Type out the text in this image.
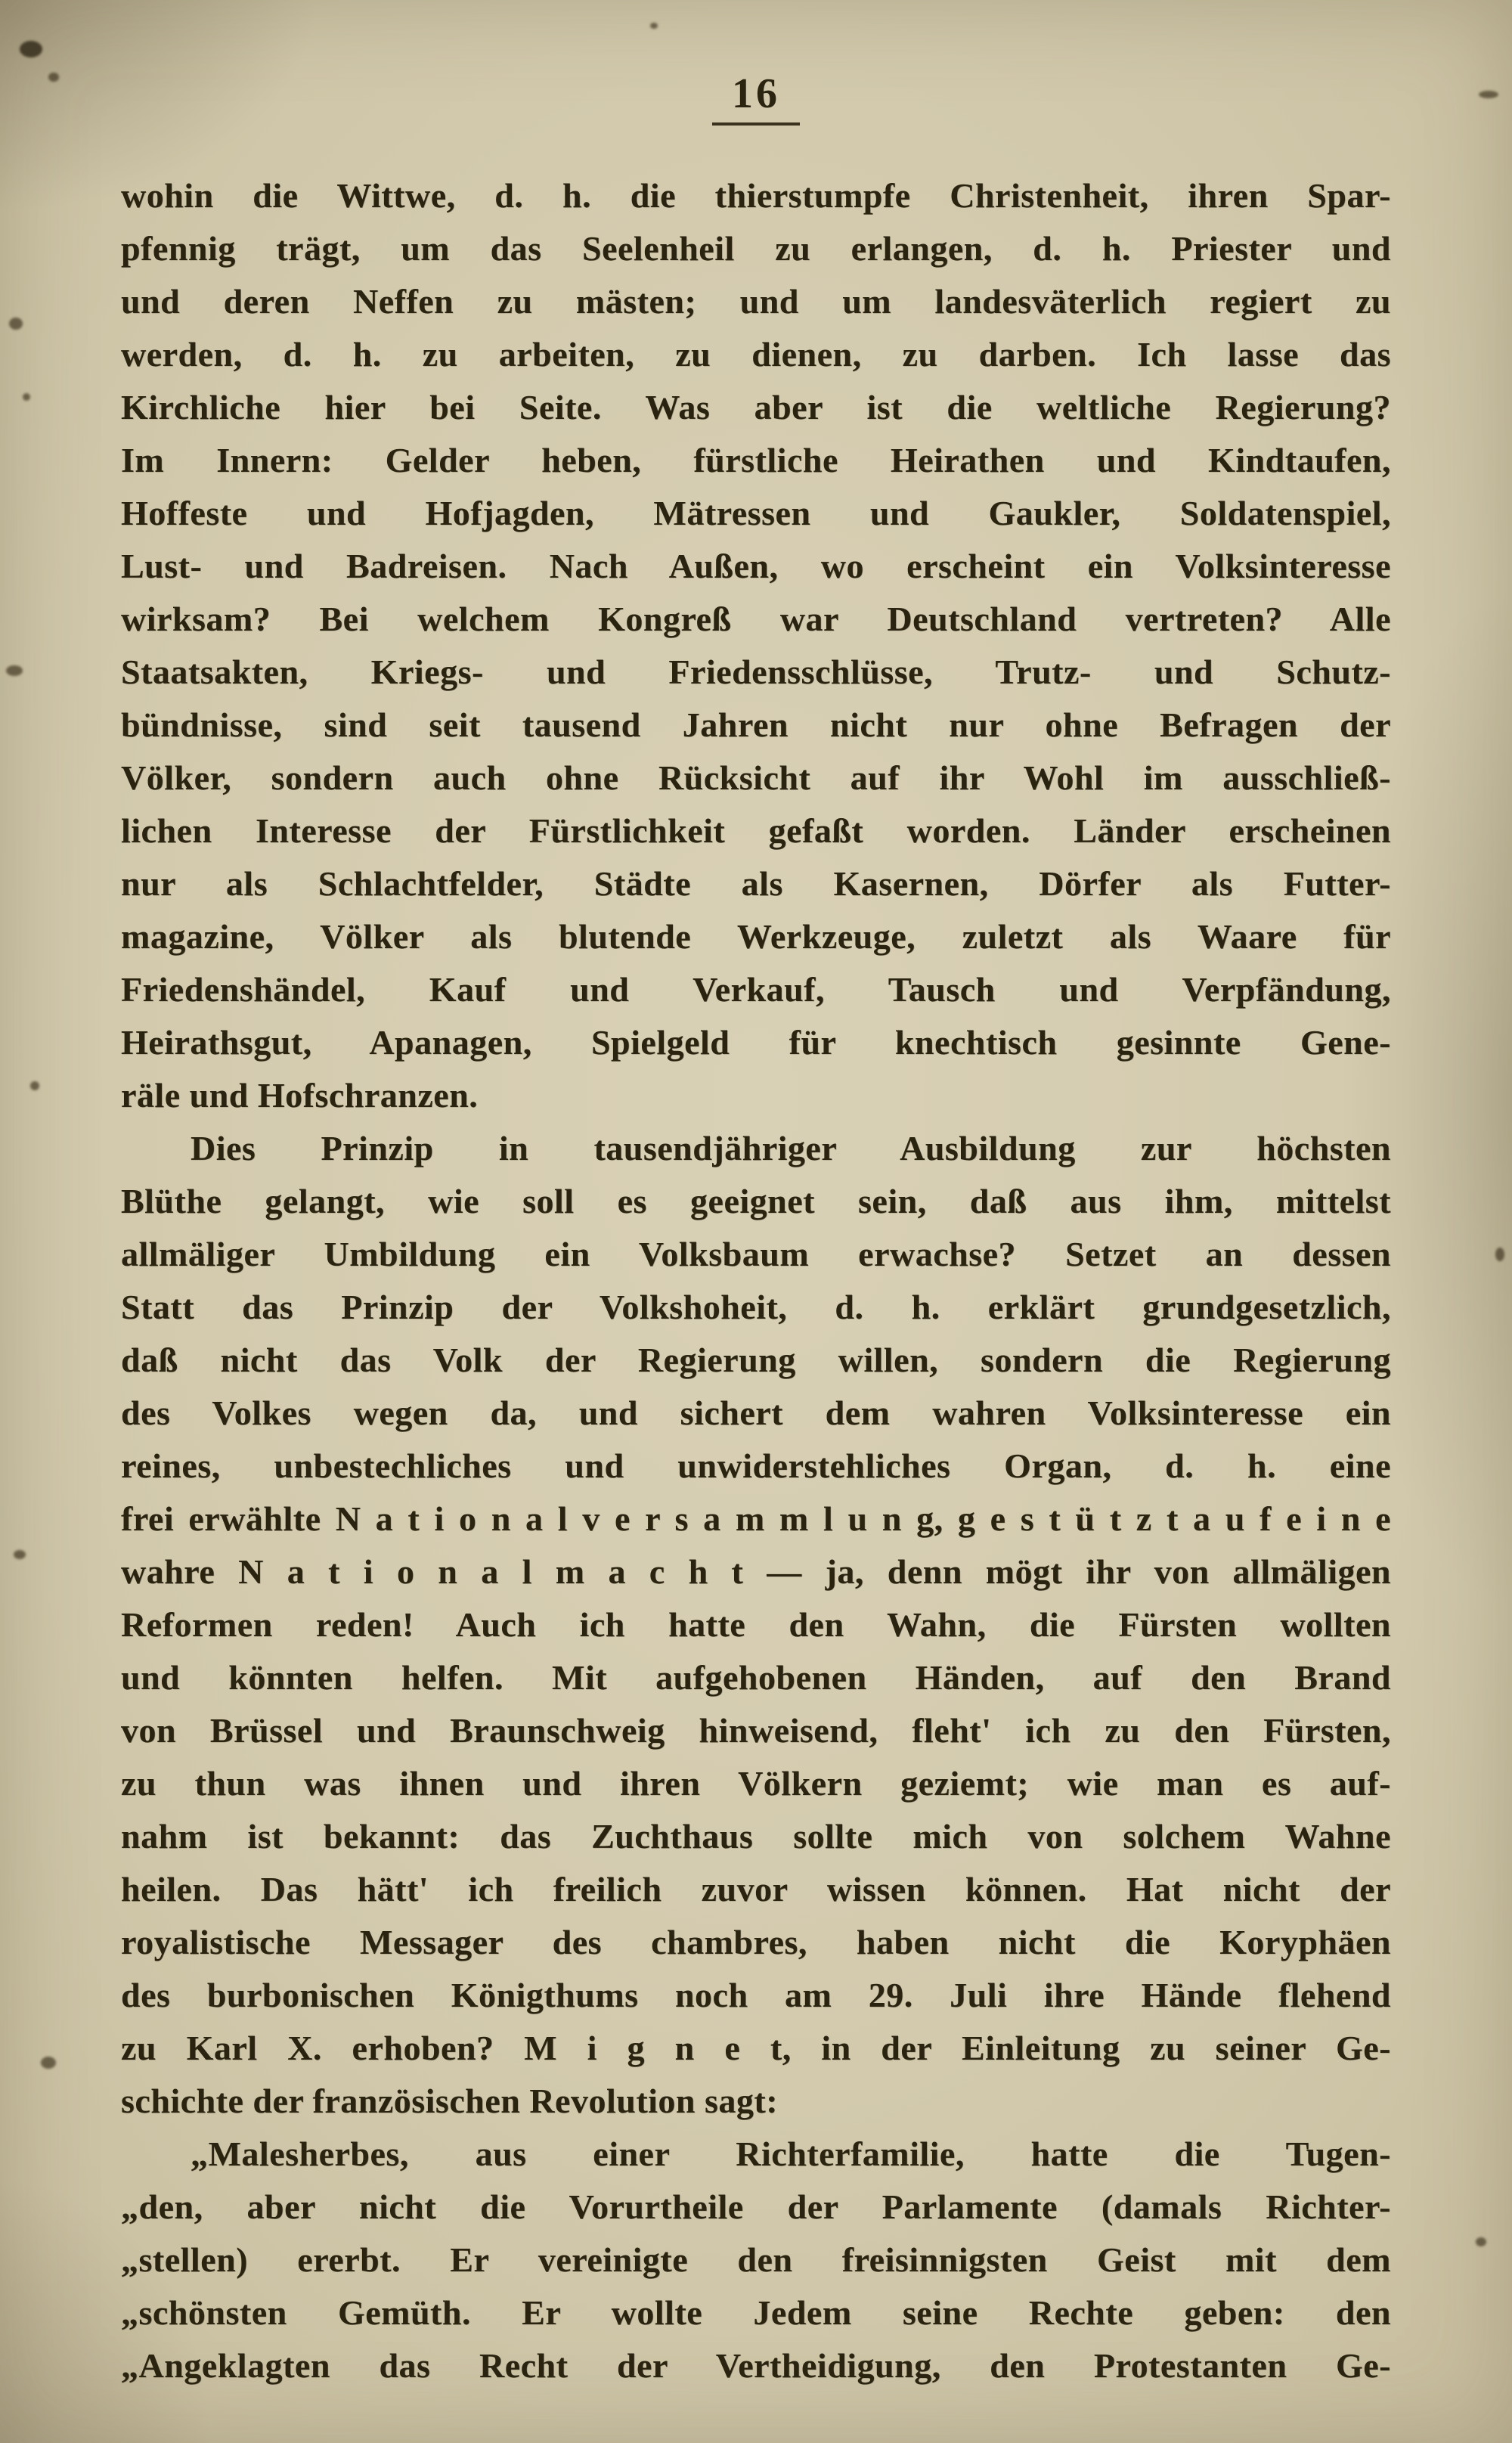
16
wohin die Wittwe, d. h. die thierstumpfe Christenheit, ihren Spar-
pfennig trägt, um das Seelenheil zu erlangen, d. h. Priester und
und deren Neffen zu mästen; und um landesväterlich regiert zu
werden, d. h. zu arbeiten, zu dienen, zu darben. Ich lasse das
Kirchliche hier bei Seite. Was aber ist die weltliche Regierung?
Im Innern: Gelder heben, fürstliche Heirathen und Kindtaufen,
Hoffeste und Hofjagden, Mätressen und Gaukler, Soldatenspiel,
Lust- und Badreisen. Nach Außen, wo erscheint ein Volksinteresse
wirksam? Bei welchem Kongreß war Deutschland vertreten? Alle
Staatsakten, Kriegs- und Friedensschlüsse, Trutz- und Schutz-
bündnisse, sind seit tausend Jahren nicht nur ohne Befragen der
Völker, sondern auch ohne Rücksicht auf ihr Wohl im ausschließ-
lichen Interesse der Fürstlichkeit gefaßt worden. Länder erscheinen
nur als Schlachtfelder, Städte als Kasernen, Dörfer als Futter-
magazine, Völker als blutende Werkzeuge, zuletzt als Waare für
Friedenshändel, Kauf und Verkauf, Tausch und Verpfändung,
Heirathsgut, Apanagen, Spielgeld für knechtisch gesinnte Gene-
räle und Hofschranzen.
Dies Prinzip in tausendjähriger Ausbildung zur höchsten
Blüthe gelangt, wie soll es geeignet sein, daß aus ihm, mittelst
allmäliger Umbildung ein Volksbaum erwachse? Setzet an dessen
Statt das Prinzip der Volkshoheit, d. h. erklärt grundgesetzlich,
daß nicht das Volk der Regierung willen, sondern die Regierung
des Volkes wegen da, und sichert dem wahren Volksinteresse ein
reines, unbestechliches und unwiderstehliches Organ, d. h. eine
frei erwählte N a t i o n a l v e r s a m m l u n g, g e s t ü t z t a u f e i n e
wahre N a t i o n a l m a c h t — ja, denn mögt ihr von allmäligen
Reformen reden! Auch ich hatte den Wahn, die Fürsten wollten
und könnten helfen. Mit aufgehobenen Händen, auf den Brand
von Brüssel und Braunschweig hinweisend, fleht' ich zu den Fürsten,
zu thun was ihnen und ihren Völkern geziemt; wie man es auf-
nahm ist bekannt: das Zuchthaus sollte mich von solchem Wahne
heilen. Das hätt' ich freilich zuvor wissen können. Hat nicht der
royalistische Messager des chambres, haben nicht die Koryphäen
des burbonischen Königthums noch am 29. Juli ihre Hände flehend
zu Karl X. erhoben? M i g n e t, in der Einleitung zu seiner Ge-
schichte der französischen Revolution sagt:
„Malesherbes, aus einer Richterfamilie, hatte die Tugen-
„den, aber nicht die Vorurtheile der Parlamente (damals Richter-
„stellen) ererbt. Er vereinigte den freisinnigsten Geist mit dem
„schönsten Gemüth. Er wollte Jedem seine Rechte geben: den
„Angeklagten das Recht der Vertheidigung, den Protestanten Ge-
